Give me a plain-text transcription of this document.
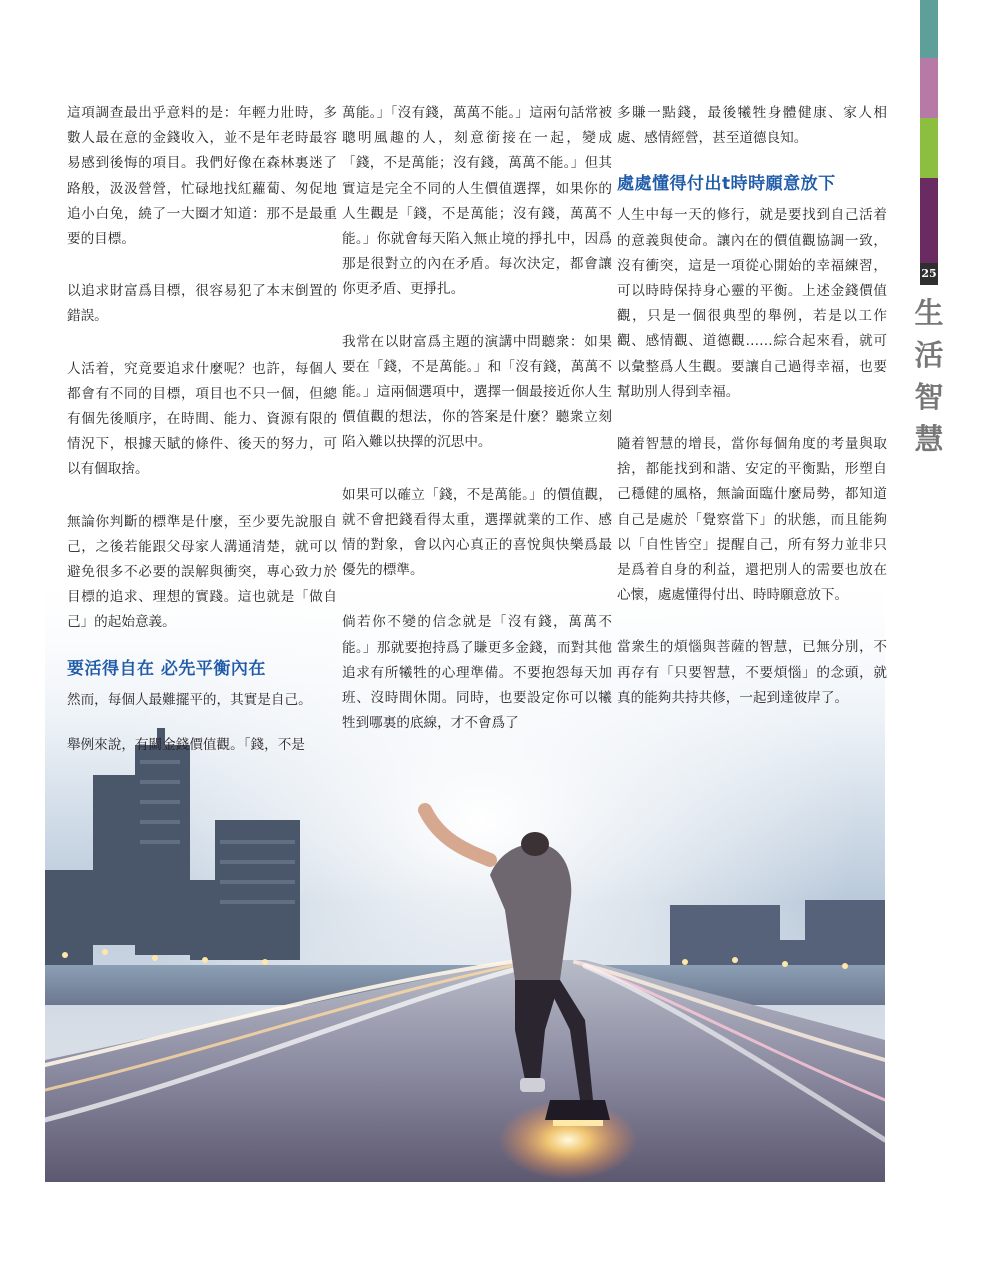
25
生
活
智
慧

這項調查最出乎意料的是：年輕力壯時，多數人最在意的金錢收入，並不是年老時最容易感到後悔的項目。我們好像在森林裏迷了路般，汲汲營營，忙碌地找紅蘿蔔、匆促地追小白兔，繞了一大圈才知道：那不是最重要的目標。

以追求財富爲目標，很容易犯了本末倒置的錯誤。

人活着，究竟要追求什麼呢？也許，每個人都會有不同的目標，項目也不只一個，但總有個先後順序，在時間、能力、資源有限的情況下，根據天賦的條件、後天的努力，可以有個取捨。

無論你判斷的標準是什麼，至少要先說服自己，之後若能跟父母家人溝通清楚，就可以避免很多不必要的誤解與衝突，專心致力於目標的追求、理想的實踐。這也就是「做自己」的起始意義。

要活得自在 必先平衡內在

然而，每個人最難擺平的，其實是自己。

舉例來說，有關金錢價值觀。「錢，不是

萬能。」「沒有錢，萬萬不能。」這兩句話常被聰明風趣的人，刻意銜接在一起，變成「錢，不是萬能；沒有錢，萬萬不能。」但其實這是完全不同的人生價值選擇，如果你的人生觀是「錢，不是萬能；沒有錢，萬萬不能。」你就會每天陷入無止境的掙扎中，因爲那是很對立的內在矛盾。每次決定，都會讓你更矛盾、更掙扎。

我常在以財富爲主題的演講中問聽衆：如果要在「錢，不是萬能。」和「沒有錢，萬萬不能。」這兩個選項中，選擇一個最接近你人生價值觀的想法，你的答案是什麼？聽衆立刻陷入難以抉擇的沉思中。

如果可以確立「錢，不是萬能。」的價值觀，就不會把錢看得太重，選擇就業的工作、感情的對象，會以內心真正的喜悅與快樂爲最優先的標準。

倘若你不變的信念就是「沒有錢，萬萬不能。」那就要抱持爲了賺更多金錢，而對其他追求有所犧牲的心理準備。不要抱怨每天加班、沒時間休閒。同時，也要設定你可以犧牲到哪裏的底線，才不會爲了

多賺一點錢，最後犧牲身體健康、家人相處、感情經營，甚至道德良知。

處處懂得付出t時時願意放下

人生中每一天的修行，就是要找到自己活着的意義與使命。讓內在的價值觀協調一致，沒有衝突，這是一項從心開始的幸福練習，可以時時保持身心靈的平衡。上述金錢價值觀，只是一個很典型的舉例，若是以工作觀、感情觀、道德觀……綜合起來看，就可以彙整爲人生觀。要讓自己過得幸福，也要幫助別人得到幸福。

隨着智慧的增長，當你每個角度的考量與取捨，都能找到和諧、安定的平衡點，形塑自己穩健的風格，無論面臨什麼局勢，都知道自己是處於「覺察當下」的狀態，而且能夠以「自性皆空」提醒自己，所有努力並非只是爲着自身的利益，還把別人的需要也放在心懷，處處懂得付出、時時願意放下。

當衆生的煩惱與菩薩的智慧，已無分別，不再存有「只要智慧，不要煩惱」的念頭，就真的能夠共持共修，一起到達彼岸了。
